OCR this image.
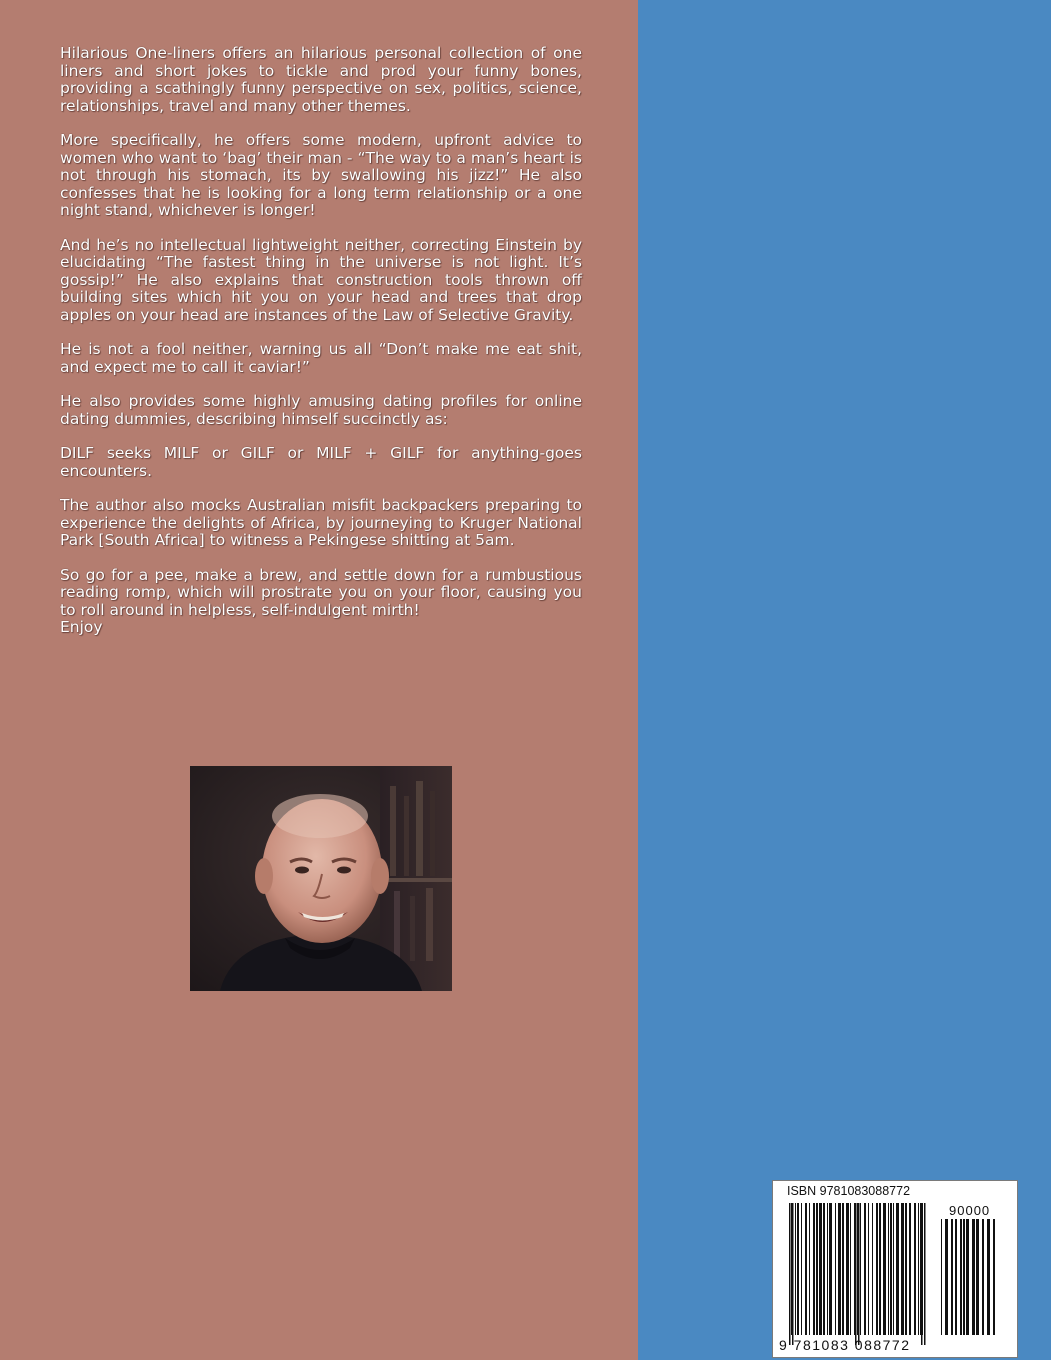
Hilarious One-liners offers an hilarious personal collection of one liners and short jokes to tickle and prod your funny bones, providing a scathingly funny perspective on sex, politics, science, relationships, travel and many other themes.

More specifically, he offers some modern, upfront advice to women who want to ‘bag’ their man - “The way to a man’s heart is not through his stomach, its by swallowing his jizz!” He also confesses that he is looking for a long term relationship or a one night stand, whichever is longer!

And he’s no intellectual lightweight neither, correcting Einstein by elucidating “The fastest thing in the universe is not light. It’s gossip!” He also explains that construction tools thrown off building sites which hit you on your head and trees that drop apples on your head are instances of the Law of Selective Gravity.

He is not a fool neither, warning us all “Don’t make me eat shit, and expect me to call it caviar!”

He also provides some highly amusing dating profiles for online dating dummies, describing himself succinctly as:

DILF seeks MILF or GILF or MILF + GILF for anything-goes encounters.

The author also mocks Australian misfit backpackers preparing to experience the delights of Africa, by journeying to Kruger National Park [South Africa] to witness a Pekingese shitting at 5am.

So go for a pee, make a brew, and settle down for a rumbustious reading romp, which will prostrate you on your floor, causing you to roll around in helpless, self-indulgent mirth!
Enjoy

ISBN 9781083088772
90000
9 781083 088772
